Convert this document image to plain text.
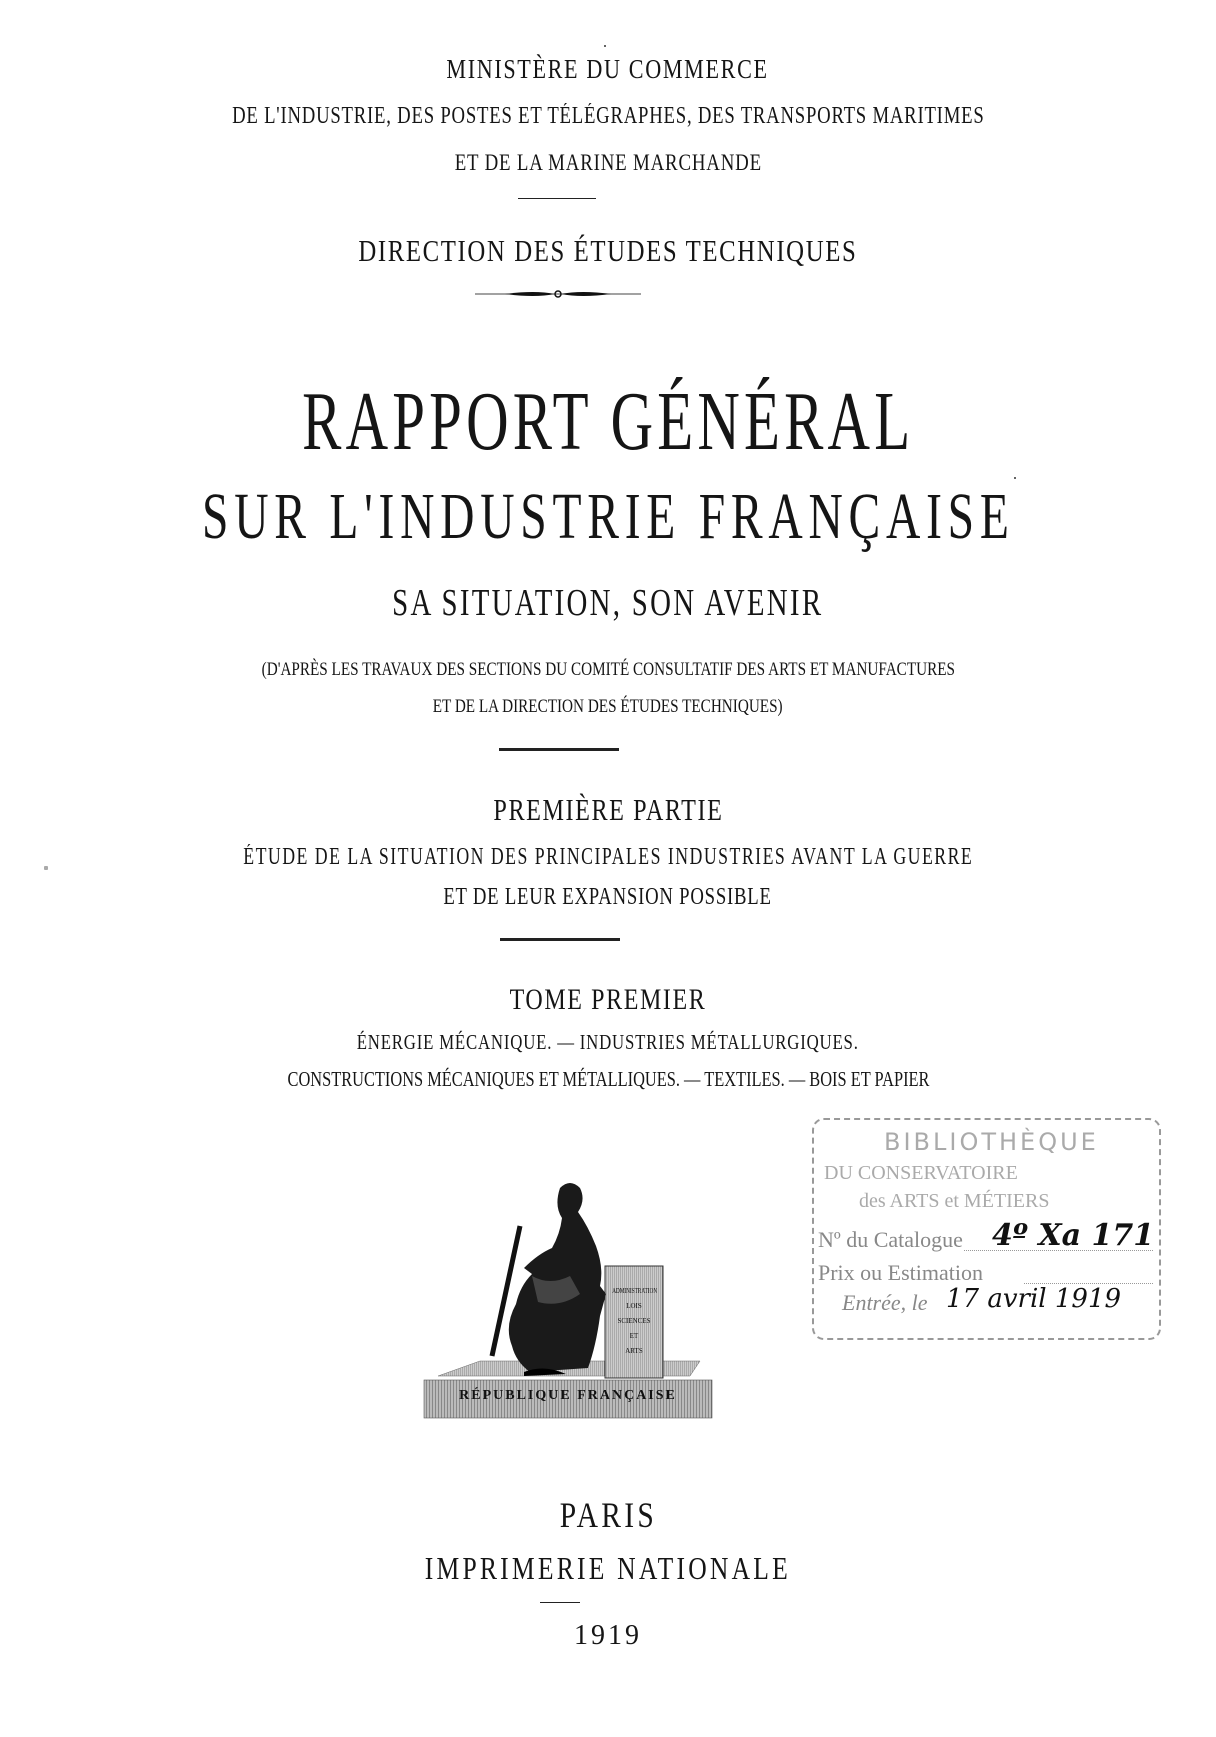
MINISTÈRE DU COMMERCE
DE L'INDUSTRIE, DES POSTES ET TÉLÉGRAPHES, DES TRANSPORTS MARITIMES
ET DE LA MARINE MARCHANDE
DIRECTION DES ÉTUDES TECHNIQUES
RAPPORT GÉNÉRAL
SUR L'INDUSTRIE FRANÇAISE
SA SITUATION, SON AVENIR
(D'APRÈS LES TRAVAUX DES SECTIONS DU COMITÉ CONSULTATIF DES ARTS ET MANUFACTURES
ET DE LA DIRECTION DES ÉTUDES TECHNIQUES)
PREMIÈRE PARTIE
ÉTUDE DE LA SITUATION DES PRINCIPALES INDUSTRIES AVANT LA GUERRE
ET DE LEUR EXPANSION POSSIBLE
TOME PREMIER
ÉNERGIE MÉCANIQUE. — INDUSTRIES MÉTALLURGIQUES.
CONSTRUCTIONS MÉCANIQUES ET MÉTALLIQUES. — TEXTILES. — BOIS ET PAPIER
ADMINISTRATION
LOIS
SCIENCES
ET
ARTS
RÉPUBLIQUE FRANÇAISE
BIBLIOTHÈQUE
DU CONSERVATOIRE
des ARTS et MÉTIERS
Nº du Catalogue 4º Xa 171
Prix ou Estimation
Entrée, le 17 avril 1919
PARIS
IMPRIMERIE NATIONALE
1919
